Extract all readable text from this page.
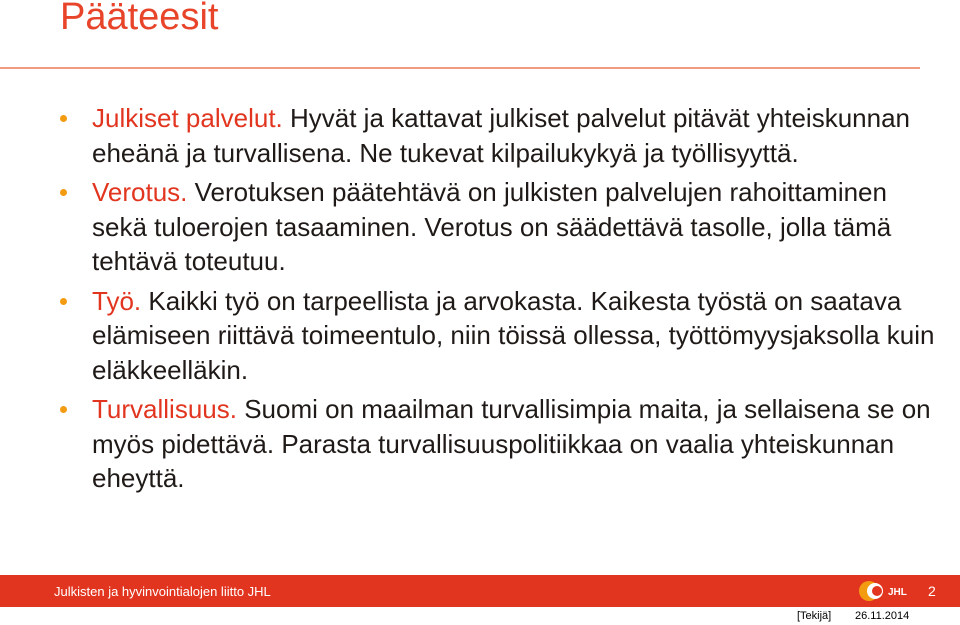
Pääteesit
Julkiset palvelut. Hyvät ja kattavat julkiset palvelut pitävät yhteiskunnan eheänä ja turvallisena. Ne tukevat kilpailukykyä ja työllisyyttä.
Verotus. Verotuksen päätehtävä on julkisten palvelujen rahoittaminen sekä tuloerojen tasaaminen. Verotus on säädettävä tasolle, jolla tämä tehtävä toteutuu.
Työ. Kaikki työ on tarpeellista ja arvokasta. Kaikesta työstä on saatava elämiseen riittävä toimeentulo, niin töissä ollessa, työttömyysjaksolla kuin eläkkeelläkin.
Turvallisuus. Suomi on maailman turvallisimpia maita, ja sellaisena se on myös pidettävä. Parasta turvallisuuspolitiikkaa on vaalia yhteiskunnan eheyttä.
Julkisten ja hyvinvointialojen liitto JHL	JHL 2
[Tekijä] 26.11.2014
